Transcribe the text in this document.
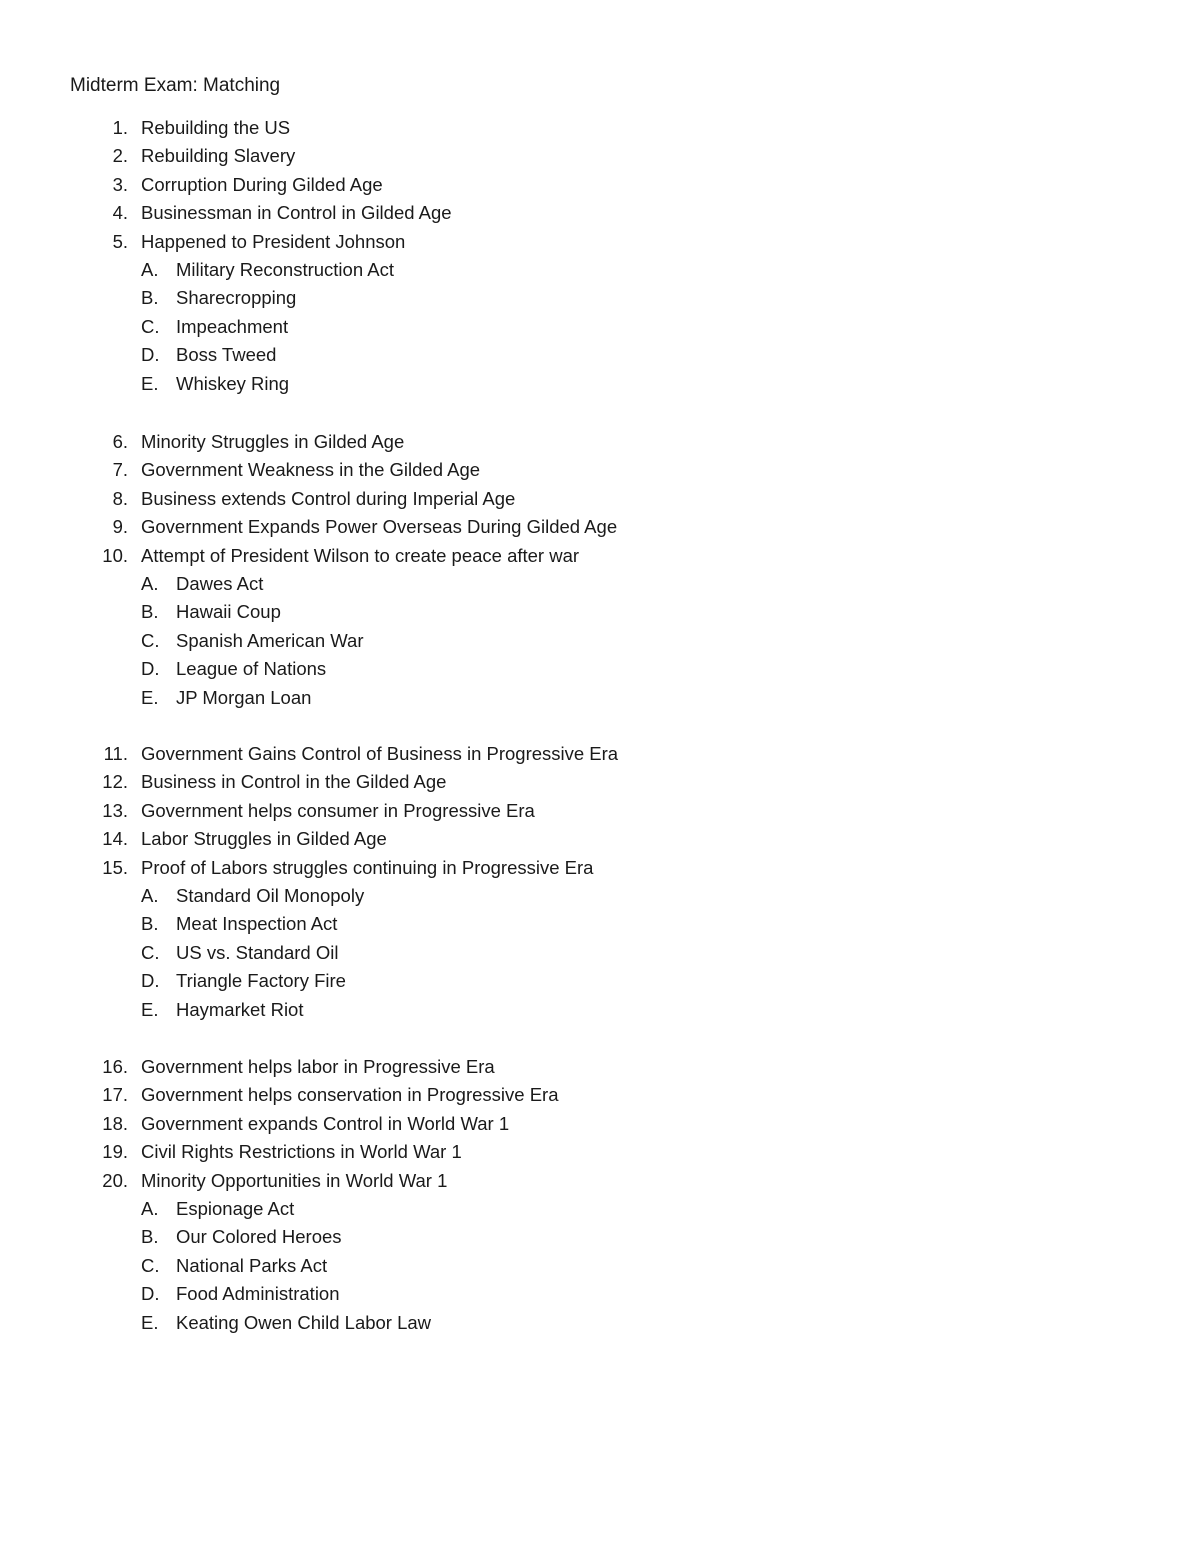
Midterm Exam: Matching
1. Rebuilding the US
2. Rebuilding Slavery
3. Corruption During Gilded Age
4. Businessman in Control in Gilded Age
5. Happened to President Johnson
A. Military Reconstruction Act
B. Sharecropping
C. Impeachment
D. Boss Tweed
E. Whiskey Ring
6. Minority Struggles in Gilded Age
7. Government Weakness in the Gilded Age
8. Business extends Control during Imperial Age
9. Government Expands Power Overseas During Gilded Age
10. Attempt of President Wilson to create peace after war
A. Dawes Act
B. Hawaii Coup
C. Spanish American War
D. League of Nations
E. JP Morgan Loan
11. Government Gains Control of Business in Progressive Era
12. Business in Control in the Gilded Age
13. Government helps consumer in Progressive Era
14. Labor Struggles in Gilded Age
15. Proof of Labors struggles continuing in Progressive Era
A. Standard Oil Monopoly
B. Meat Inspection Act
C. US vs. Standard Oil
D. Triangle Factory Fire
E. Haymarket Riot
16. Government helps labor in Progressive Era
17. Government helps conservation in Progressive Era
18. Government expands Control in World War 1
19. Civil Rights Restrictions in World War 1
20. Minority Opportunities in World War 1
A. Espionage Act
B. Our Colored Heroes
C. National Parks Act
D. Food Administration
E. Keating Owen Child Labor Law
